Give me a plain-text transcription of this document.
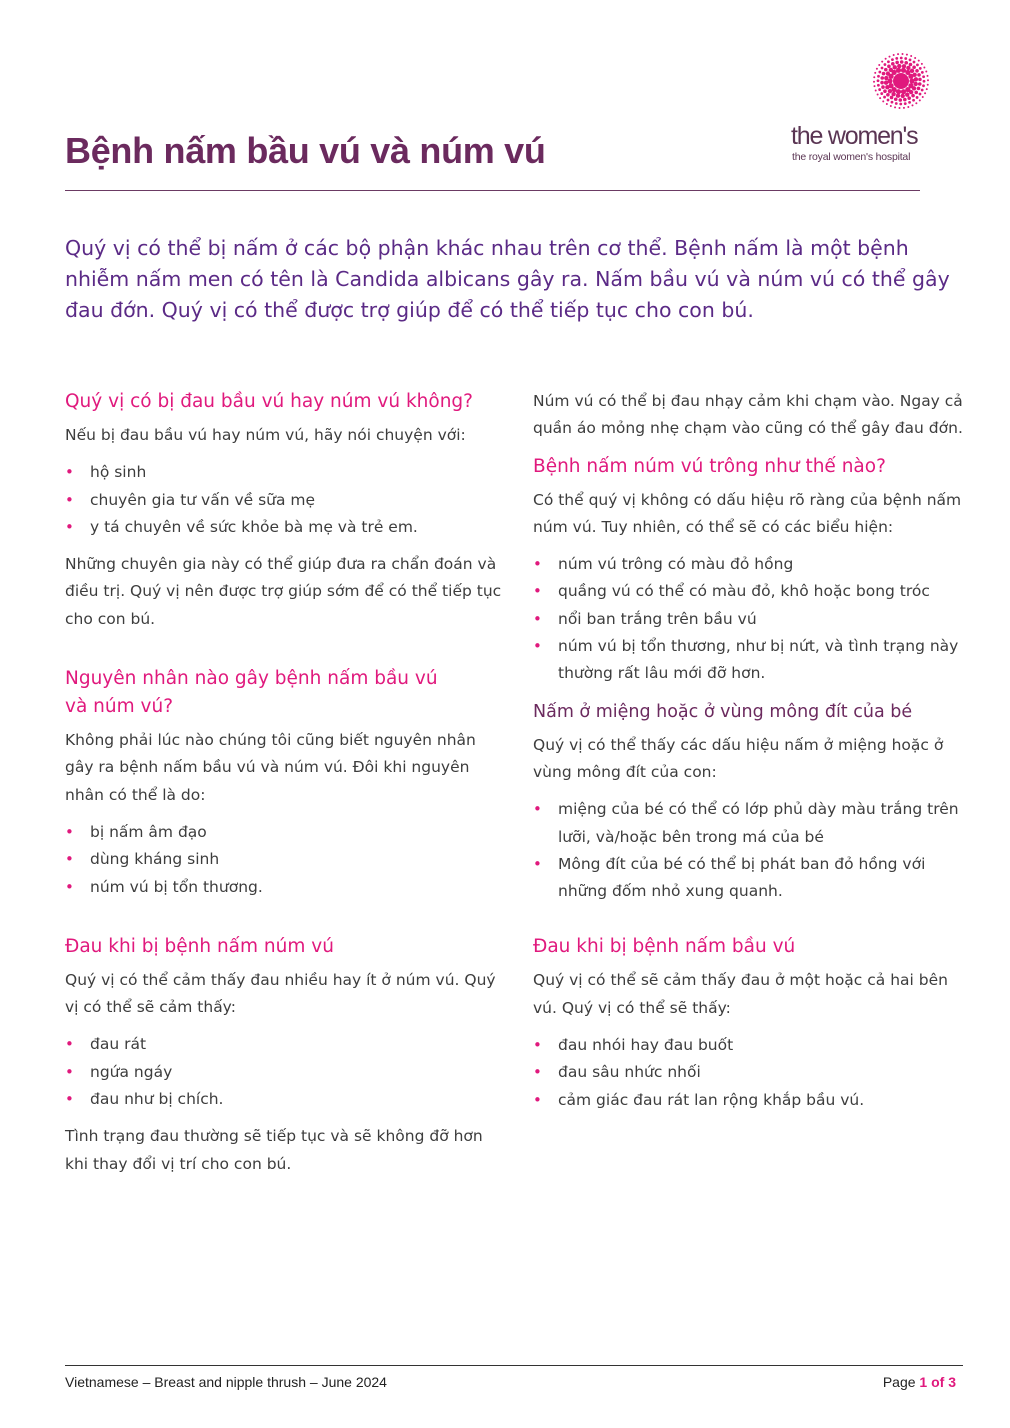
Bệnh nấm bầu vú và núm vú	the women's
the royal women's hospital

Quý vị có thể bị nấm ở các bộ phận khác nhau trên cơ thể. Bệnh nấm là một bệnh nhiễm nấm men có tên là Candida albicans gây ra. Nấm bầu vú và núm vú có thể gây đau đớn. Quý vị có thể được trợ giúp để có thể tiếp tục cho con bú.

Quý vị có bị đau bầu vú hay núm vú không?

Nếu bị đau bầu vú hay núm vú, hãy nói chuyện với:

• hộ sinh
• chuyên gia tư vấn về sữa mẹ
• y tá chuyên về sức khỏe bà mẹ và trẻ em.

Những chuyên gia này có thể giúp đưa ra chẩn đoán và điều trị. Quý vị nên được trợ giúp sớm để có thể tiếp tục cho con bú.

Nguyên nhân nào gây bệnh nấm bầu vú
và núm vú?

Không phải lúc nào chúng tôi cũng biết nguyên nhân gây ra bệnh nấm bầu vú và núm vú. Đôi khi nguyên nhân có thể là do:

• bị nấm âm đạo
• dùng kháng sinh
• núm vú bị tổn thương.
Đau khi bị bệnh nấm núm vú

Quý vị có thể cảm thấy đau nhiều hay ít ở núm vú. Quý vị có thể sẽ cảm thấy:

• đau rát
• ngứa ngáy
• đau như bị chích.

Tình trạng đau thường sẽ tiếp tục và sẽ không đỡ hơn khi thay đổi vị trí cho con bú.

Núm vú có thể bị đau nhạy cảm khi chạm vào. Ngay cả quần áo mỏng nhẹ chạm vào cũng có thể gây đau đớn.

Bệnh nấm núm vú trông như thế nào?

Có thể quý vị không có dấu hiệu rõ ràng của bệnh nấm núm vú. Tuy nhiên, có thể sẽ có các biểu hiện:

• núm vú trông có màu đỏ hồng
• quầng vú có thể có màu đỏ, khô hoặc bong tróc
• nổi ban trắng trên bầu vú
• núm vú bị tổn thương, như bị nứt, và tình trạng này thường rất lâu mới đỡ hơn.
Nấm ở miệng hoặc ở vùng mông đít của bé

Quý vị có thể thấy các dấu hiệu nấm ở miệng hoặc ở vùng mông đít của con:

• miệng của bé có thể có lớp phủ dày màu trắng trên lưỡi, và/hoặc bên trong má của bé
• Mông đít của bé có thể bị phát ban đỏ hồng với những đốm nhỏ xung quanh.
Đau khi bị bệnh nấm bầu vú

Quý vị có thể sẽ cảm thấy đau ở một hoặc cả hai bên vú. Quý vị có thể sẽ thấy:

• đau nhói hay đau buốt
• đau sâu nhức nhối
• cảm giác đau rát lan rộng khắp bầu vú.
Vietnamese – Breast and nipple thrush – June 2024	Page 1 of 3
